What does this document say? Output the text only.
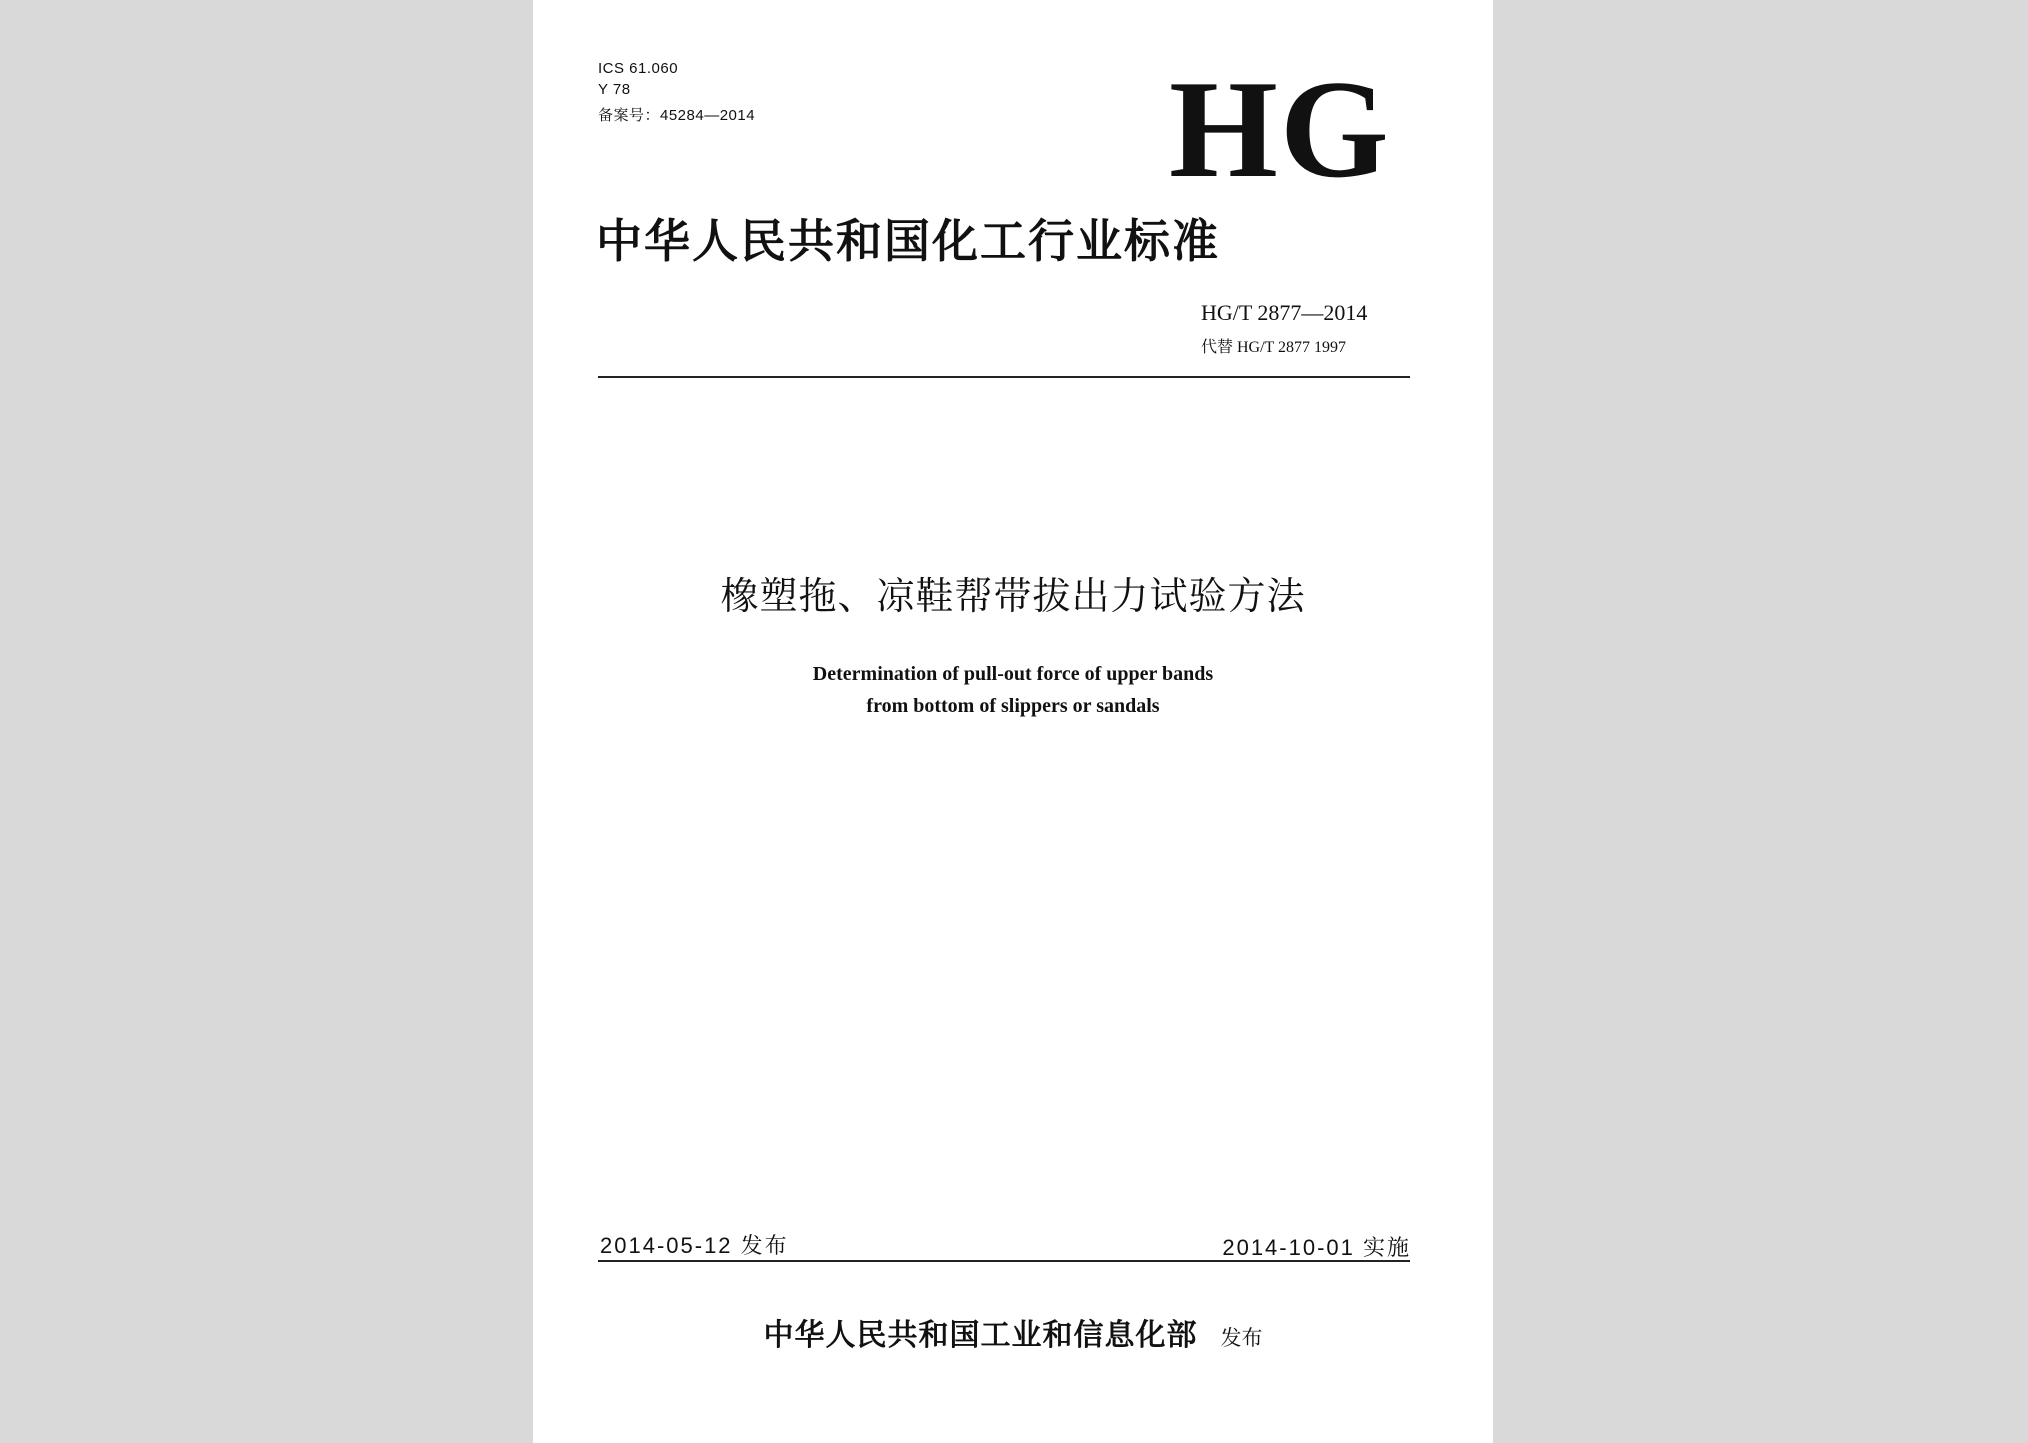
ICS 61.060
Y 78
备案号：45284—2014	HG
中华人民共和国化工行业标准
HG/T 2877—2014
代替 HG/T 2877 1997
橡塑拖、凉鞋帮带拔出力试验方法
Determination of pull-out force of upper bands
from bottom of slippers or sandals
2014-05-12 发布	2014-10-01 实施
中华人民共和国工业和信息化部 发布
